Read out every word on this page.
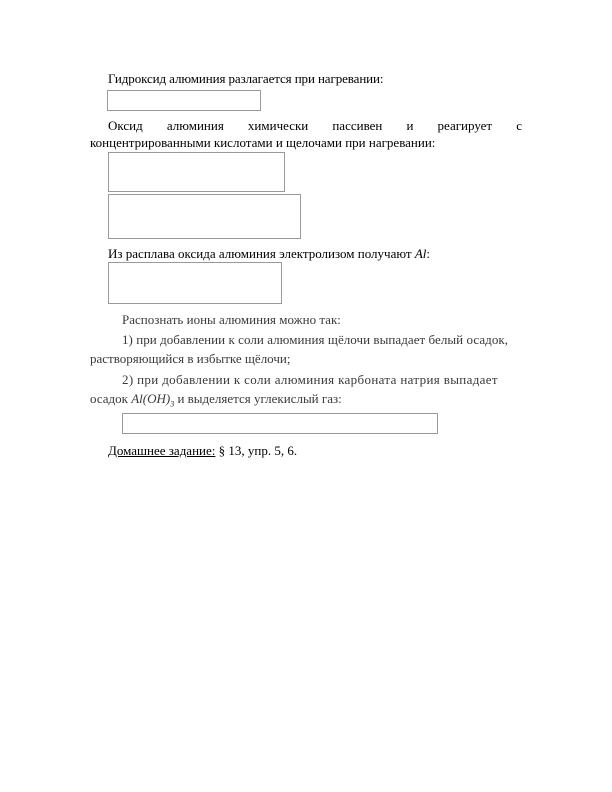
Гидроксид алюминия разлагается при нагревании:
Оксид алюминия химически пассивен и реагирует с
концентрированными кислотами и щелочами при нагревании:
Из расплава оксида алюминия электролизом получают Al:
Распознать ионы алюминия можно так:
1) при добавлении к соли алюминия щёлочи выпадает белый осадок,
растворяющийся в избытке щёлочи;
2) при добавлении к соли алюминия карбоната натрия выпадает
осадок $Al(OH)_3$ и выделяется углекислый газ:
Домашнее задание: § 13, упр. 5, 6.
